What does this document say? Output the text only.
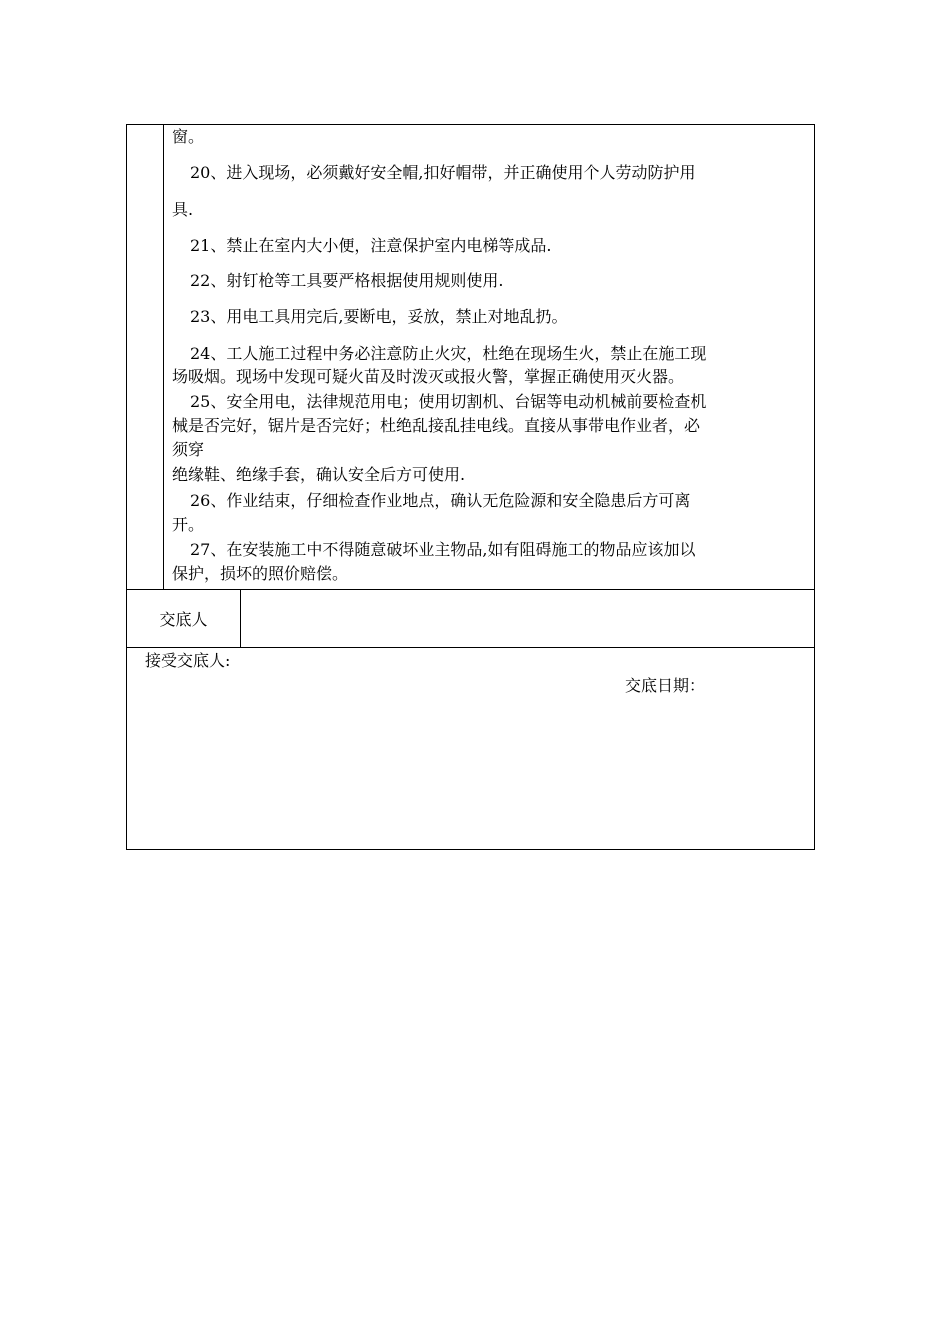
窗。
20、进入现场，必须戴好安全帽,扣好帽带，并正确使用个人劳动防护用
具.
21、禁止在室内大小便，注意保护室内电梯等成品.
22、射钉枪等工具要严格根据使用规则使用.
23、用电工具用完后,要断电，妥放，禁止对地乱扔。
24、工人施工过程中务必注意防止火灾，杜绝在现场生火，禁止在施工现
场吸烟。现场中发现可疑火苗及时泼灭或报火警，掌握正确使用灭火器。
25、安全用电，法律规范用电；使用切割机、台锯等电动机械前要检查机
械是否完好，锯片是否完好；杜绝乱接乱挂电线。直接从事带电作业者，必
须穿
绝缘鞋、绝缘手套，确认安全后方可使用.
26、作业结束，仔细检查作业地点，确认无危险源和安全隐患后方可离
开。
27、在安装施工中不得随意破坏业主物品,如有阻碍施工的物品应该加以
保护，损坏的照价赔偿。
交底人
接受交底人:
交底日期：
